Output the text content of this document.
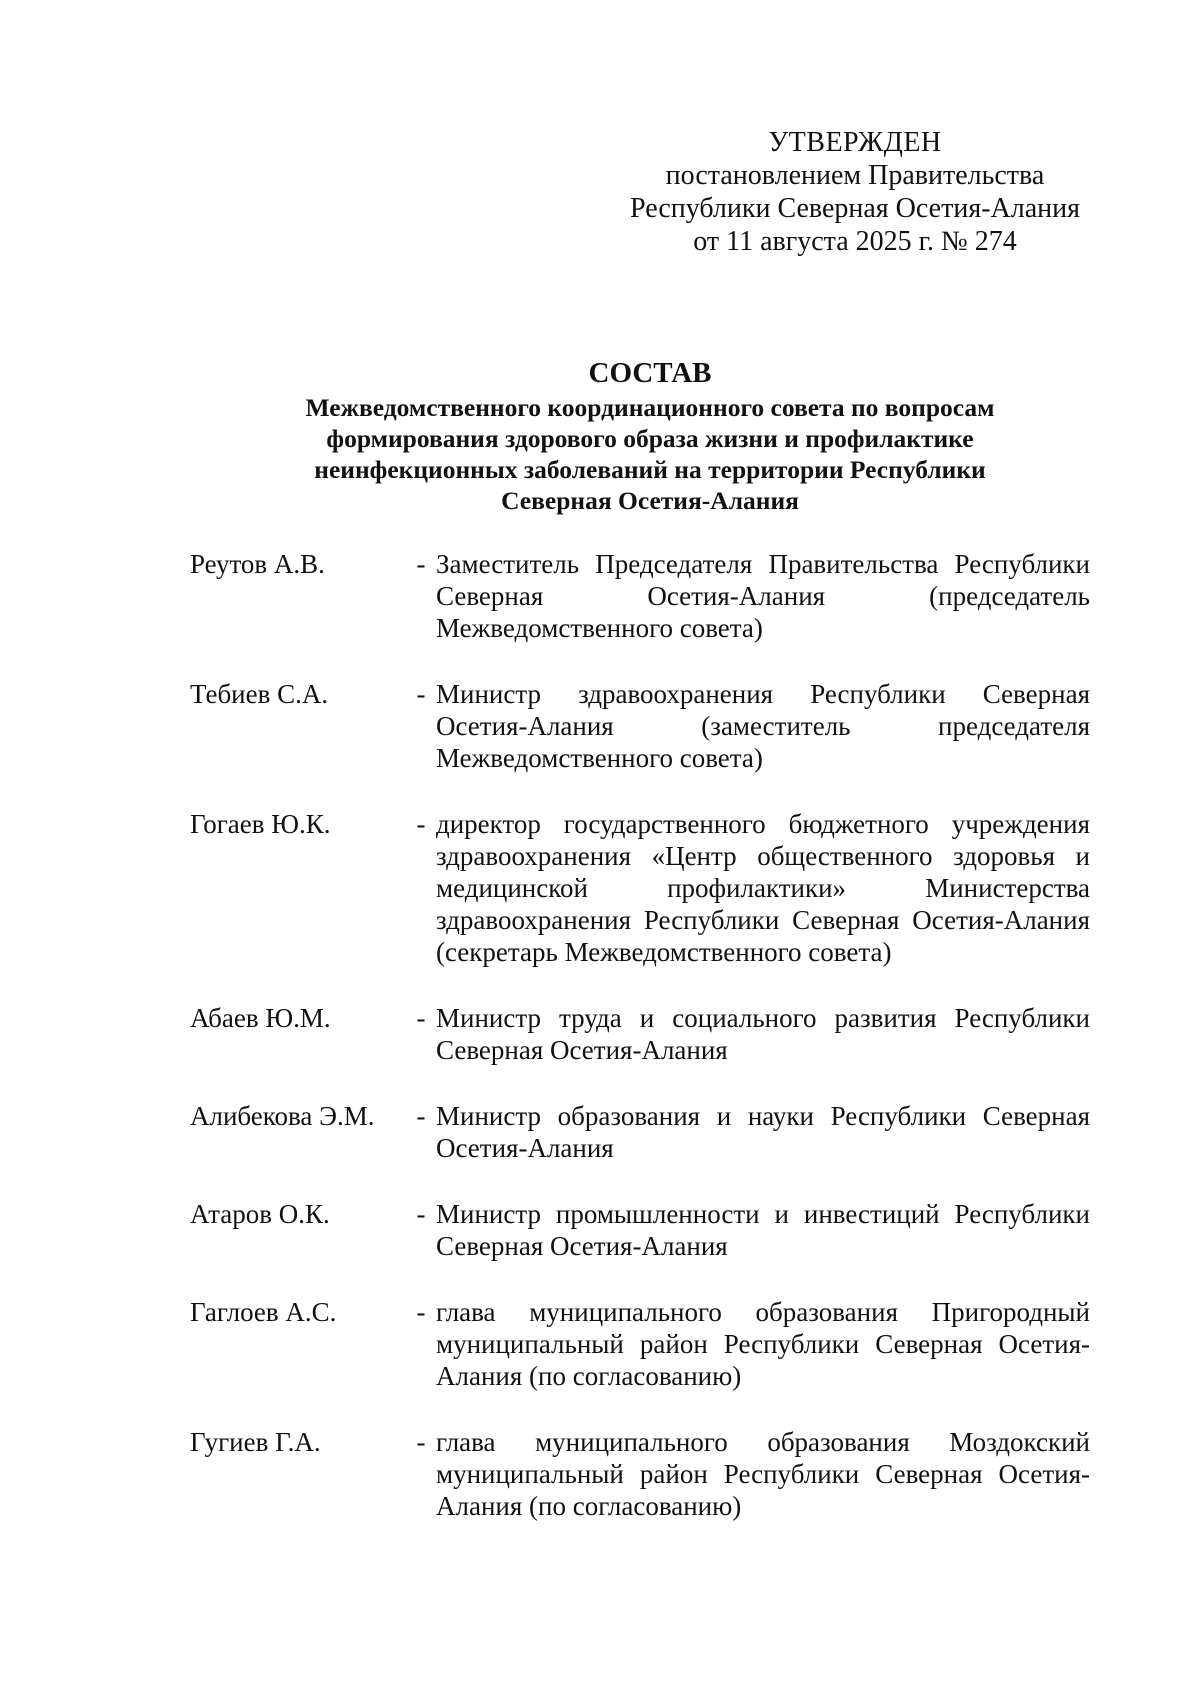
УТВЕРЖДЕН
постановлением Правительства
Республики Северная Осетия-Алания
от 11 августа 2025 г. № 274
СОСТАВ
Межведомственного координационного совета по вопросам
формирования здорового образа жизни и профилактике
неинфекционных заболеваний на территории Республики
Северная Осетия-Алания
Реутов А.В.	- Заместитель Председателя Правительства Республики Северная Осетия-Алания (председатель Межведомственного совета)
Тебиев С.А.	- Министр здравоохранения Республики Северная Осетия-Алания (заместитель председателя Межведомственного совета)
Гогаев Ю.К.	- директор государственного бюджетного учреждения здравоохранения «Центр общественного здоровья и медицинской профилактики» Министерства здравоохранения Республики Северная Осетия-Алания (секретарь Межведомственного совета)
Абаев Ю.М.	- Министр труда и социального развития Республики Северная Осетия-Алания
Алибекова Э.М.	- Министр образования и науки Республики Северная Осетия-Алания
Атаров О.К.	- Министр промышленности и инвестиций Республики Северная Осетия-Алания
Гаглоев А.С.	- глава муниципального образования Пригородный муниципальный район Республики Северная Осетия-Алания (по согласованию)
Гугиев Г.А.	- глава муниципального образования Моздокский муниципальный район Республики Северная Осетия-Алания (по согласованию)
